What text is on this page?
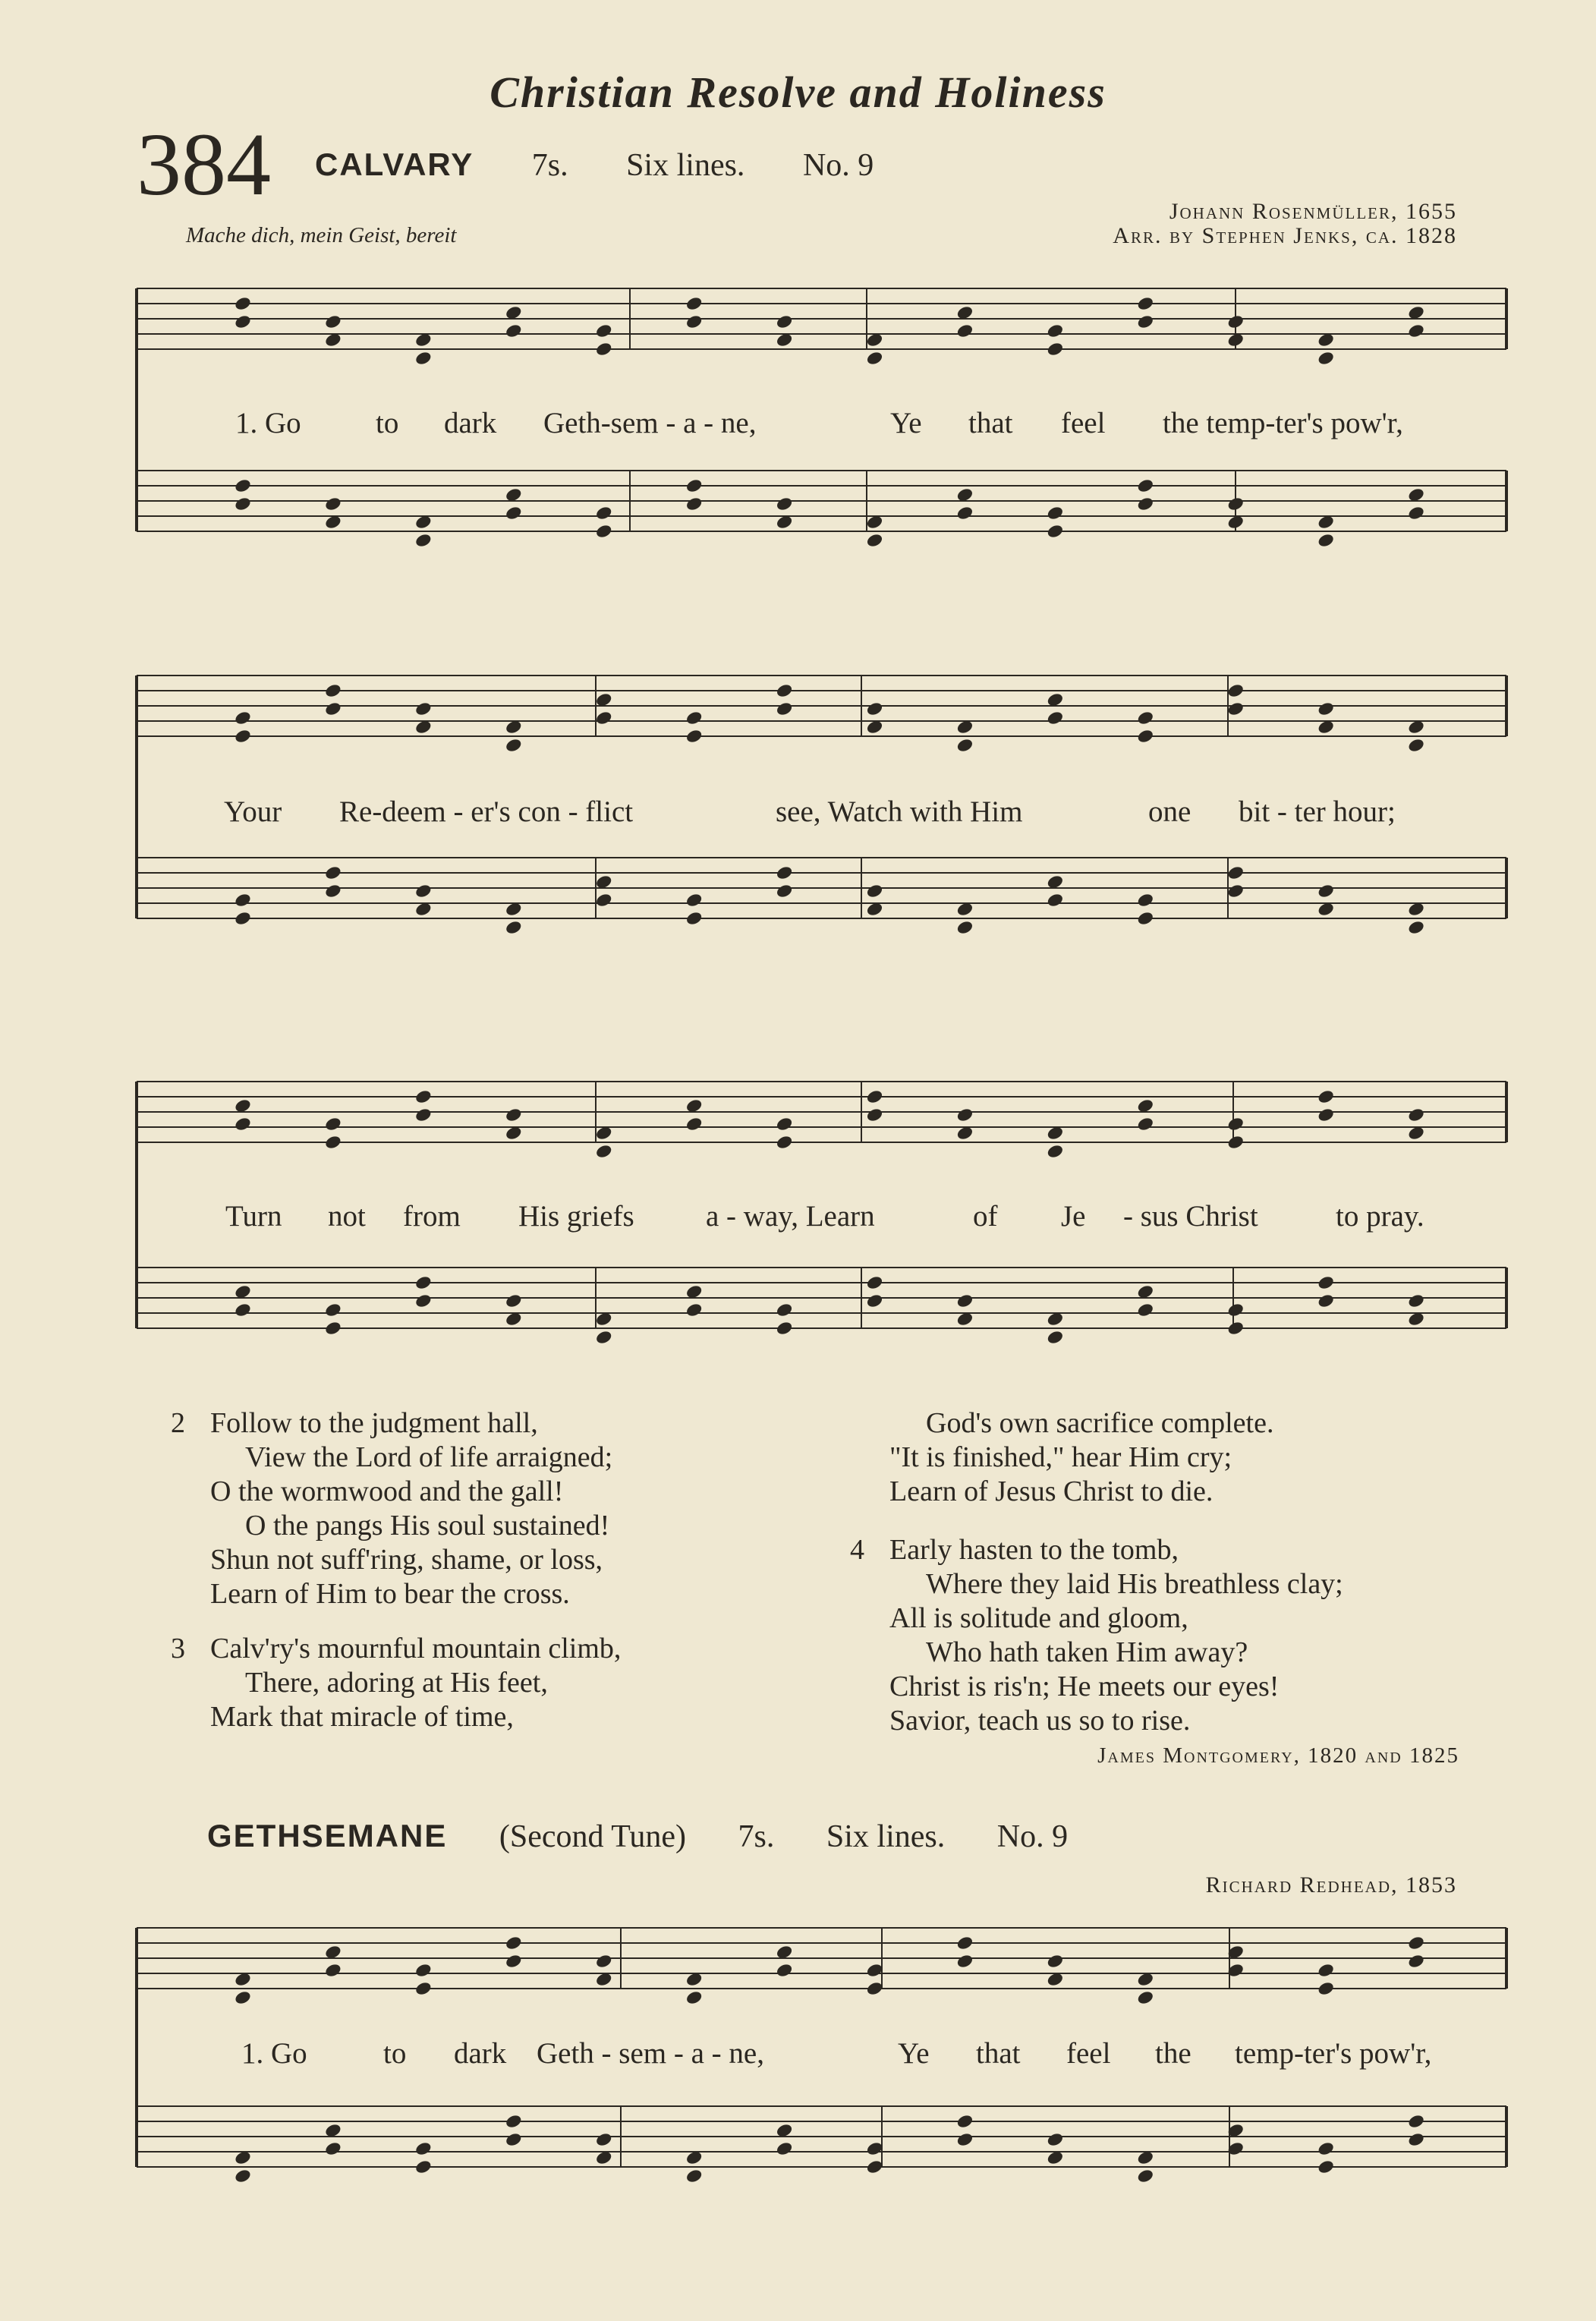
Christian Resolve and Holiness
384 CALVARY 7s. Six lines. No. 9
Mache dich, mein Geist, bereit
Johann Rosenmüller, 1655
Arr. by Stephen Jenks, ca. 1828
1. Go	to dark Geth-sem - a - ne,	Ye that feel the temp-ter's pow'r,
Your Re-deem - er's con - flict	see, Watch with Him	one bit - ter hour;
Turn not from His griefs a - way, Learn	of Je - sus Christ	to pray.
2 Follow to the judgment hall,
View the Lord of life arraigned;
O the wormwood and the gall!
O the pangs His soul sustained!
Shun not suff'ring, shame, or loss,
Learn of Him to bear the cross.
3 Calv'ry's mournful mountain climb,
There, adoring at His feet,
Mark that miracle of time,
God's own sacrifice complete.
"It is finished," hear Him cry;
Learn of Jesus Christ to die.
4 Early hasten to the tomb,
Where they laid His breathless clay;
All is solitude and gloom,
Who hath taken Him away?
Christ is ris'n; He meets our eyes!
Savior, teach us so to rise.
James Montgomery, 1820 and 1825
GETHSEMANE (Second Tune) 7s. Six lines. No. 9
Richard Redhead, 1853
1. Go	to dark Geth - sem - a - ne,	Ye that feel the temp-ter's pow'r,
